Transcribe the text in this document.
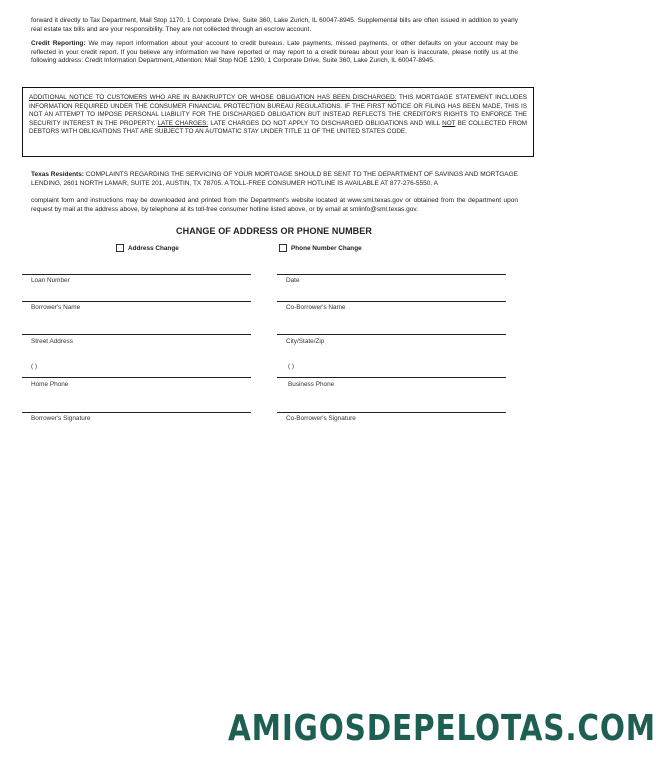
forward it directly to Tax Department, Mail Stop 1170, 1 Corporate Drive, Suite 360, Lake Zurich, IL 60047-8945. Supplemental bills are often issued in addition to yearly real estate tax bills and are your responsibility. They are not collected through an escrow account.
Credit Reporting: We may report information about your account to credit bureaus. Late payments, missed payments, or other defaults on your account may be reflected in your credit report. If you believe any information we have reported or may report to a credit bureau about your loan is inaccurate, please notify us at the following address: Credit Information Department, Attention: Mail Stop NOE 1290, 1 Corporate Drive, Suite 360, Lake Zurich, IL 60047-8945.
ADDITIONAL NOTICE TO CUSTOMERS WHO ARE IN BANKRUPTCY OR WHOSE OBLIGATION HAS BEEN DISCHARGED: THIS MORTGAGE STATEMENT INCLUDES INFORMATION REQUIRED UNDER THE CONSUMER FINANCIAL PROTECTION BUREAU REGULATIONS. IF THE FIRST NOTICE OR FILING HAS BEEN MADE, THIS IS NOT AN ATTEMPT TO IMPOSE PERSONAL LIABILITY FOR THE DISCHARGED OBLIGATION BUT INSTEAD REFLECTS THE CREDITOR'S RIGHTS TO ENFORCE THE SECURITY INTEREST IN THE PROPERTY. LATE CHARGES: LATE CHARGES DO NOT APPLY TO DISCHARGED OBLIGATIONS AND WILL NOT BE COLLECTED FROM DEBTORS WITH OBLIGATIONS THAT ARE SUBJECT TO AN AUTOMATIC STAY UNDER TITLE 11 OF THE UNITED STATES CODE.
Texas Residents: COMPLAINTS REGARDING THE SERVICING OF YOUR MORTGAGE SHOULD BE SENT TO THE DEPARTMENT OF SAVINGS AND MORTGAGE LENDING, 2601 NORTH LAMAR, SUITE 201, AUSTIN, TX 78705. A TOLL-FREE CONSUMER HOTLINE IS AVAILABLE AT 877-276-5550. A
complaint form and instructions may be downloaded and printed from the Department's website located at www.sml.texas.gov or obtained from the department upon request by mail at the address above, by telephone at its toll-free consumer hotline listed above, or by email at smlinfo@sml.texas.gov.
CHANGE OF ADDRESS OR PHONE NUMBER
Address Change	Phone Number Change
Loan Number	Date
Borrower's Name	Co-Borrower's Name
Street Address	City/State/Zip
( )	( )
Home Phone	Business Phone
Borrower's Signature	Co-Borrower's Signature
AMIGOSDEPELOTAS.COM
